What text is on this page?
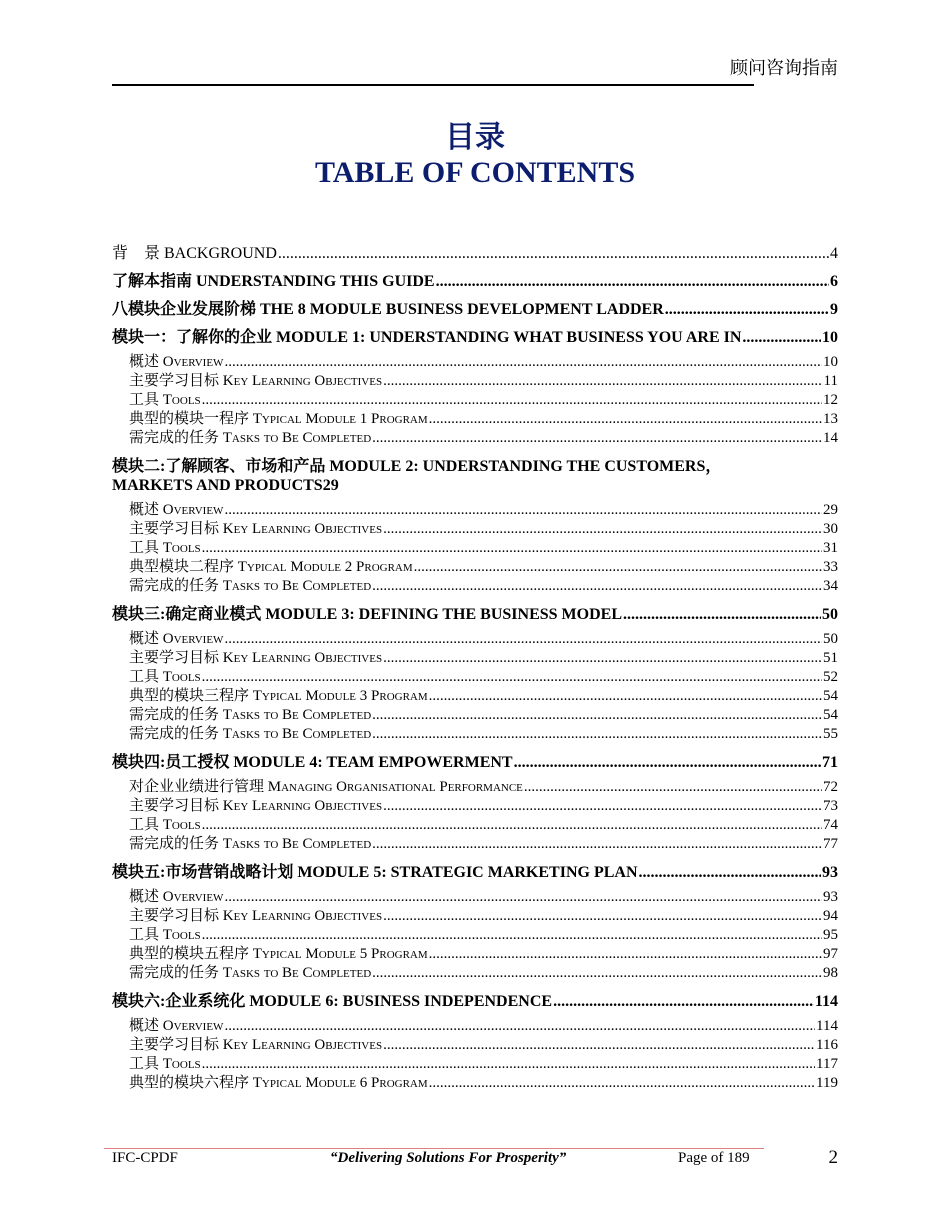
顾问咨询指南
目录
TABLE OF CONTENTS
背　景 BACKGROUND .....	4
了解本指南 UNDERSTANDING THIS GUIDE .....	6
八模块企业发展阶梯 THE 8 MODULE BUSINESS DEVELOPMENT LADDER .....	9
模块一：了解你的企业 MODULE 1: UNDERSTANDING WHAT BUSINESS YOU ARE IN .....	10
概述 Overview .....	10
主要学习目标 Key Learning Objectives .....	11
工具 Tools .....	12
典型的模块一程序 Typical Module 1 Program .....	13
需完成的任务 Tasks to Be Completed .....	14
模块二:了解顾客、市场和产品 MODULE 2: UNDERSTANDING THE CUSTOMERS，
MARKETS AND PRODUCTS 29
概述 Overview .....	29
主要学习目标 Key Learning Objectives .....	30
工具 Tools .....	31
典型模块二程序 Typical Module 2 Program .....	33
需完成的任务 Tasks to Be Completed .....	34
模块三:确定商业模式 MODULE 3: DEFINING THE BUSINESS MODEL .....	50
概述 Overview .....	50
主要学习目标 Key Learning Objectives .....	51
工具 Tools .....	52
典型的模块三程序 Typical Module 3 Program .....	54
需完成的任务 Tasks to Be Completed .....	54
需完成的任务 Tasks to Be Completed .....	55
模块四:员工授权 MODULE 4: TEAM EMPOWERMENT .....	71
对企业业绩进行管理 Managing Organisational Performance .....	72
主要学习目标 Key Learning Objectives .....	73
工具 Tools .....	74
需完成的任务 Tasks to Be Completed .....	77
模块五:市场营销战略计划 MODULE 5: STRATEGIC MARKETING PLAN .....	93
概述 Overview .....	93
主要学习目标 Key Learning Objectives .....	94
工具 Tools .....	95
典型的模块五程序 Typical Module 5 Program .....	97
需完成的任务 Tasks to Be Completed .....	98
模块六:企业系统化 MODULE 6: BUSINESS INDEPENDENCE .....	114
概述 Overview .....	114
主要学习目标 Key Learning Objectives .....	116
工具 Tools .....	117
典型的模块六程序 Typical Module 6 Program .....	119
IFC-CPDF	“Delivering Solutions For Prosperity”	Page of 189	2
